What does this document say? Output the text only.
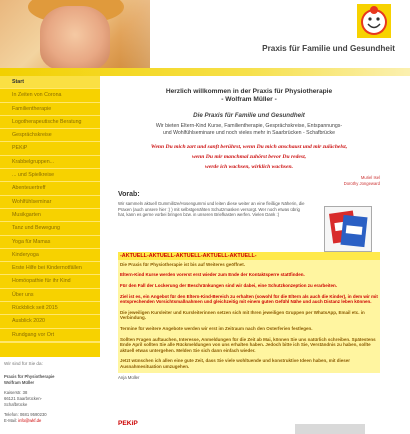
Praxis für Familie und Gesundheit
Start
In Zeiten von Corona
Familientherapie
Logotherapeutische Beratung
Gesprächskreise
PEKiP
Krabbelgruppen...
... und Spielkreise
Abenteuertreff
Wohlfühlseminar
Musikgarten
Tanz und Bewegung
Yoga für Mamas
Kinderyoga
Erste Hilfe bei Kindernotfällen
Homöopathie für ihr Kind
Über uns
Rückblick seit 2015
Ausblick 2020
Rundgang vor Ort
Wir sind für Sie da:
Praxis für Physiotherapie
Wolfram Müller
Kaiserstr. 38
66121 Saarbrücken-
Schafbrücke
Telefon: 0681 9590230
E-Mail: info@wkf.de
Herzlich willkommen in der Praxis für Physiotherapie
- Wolfram Müller -
Die Praxis für Familie und Gesundheit
Wir bieten Eltern-Kind Kurse, Familientherapie, Gesprächskreise, Entspannungs-
und Wohlfühlseminare und noch vieles mehr in Saarbrücken - Schafbrücke
Wenn Du mich zart und sanft berührst, wenn Du mich anschaust und mir zulächelst,
wenn Du mir manchmal zuhörst bevor Du redest,
werde ich wachsen, wirklich wachsen.
Muriel Isel
Dorothy Jongeward
Vorab:
Wir sammeln aktuell Gummilitze/Hosengummi und leiten diese weiter an eine fleißige Näherin, die Praxen (auch unsere hier :) ) mit selbstgenähten Schutzmasken versorgt. Wer noch etwas übrig hat, kann es gerne vorbei bringen bzw. in unseren Briefkasten werfen. Vielen Dank :)
-AKTUELL-AKTUELL-AKTUELL-AKTUELL-AKTUELL-

Die Praxis für Physiotherapie ist bis auf Weiteres geöffnet.

Eltern-Kind Kurse werden vorerst erst wieder zum Ende der Kontaktsperre stattfinden.

Für den Fall der Lockerung der Beschränkungen sind wir dabei, eine Schutzkonzeption zu erarbeiten.

Ziel ist es, ein Angebot für den Eltern-Kind-Bereich zu erhalten (sowohl für die Eltern als auch die Kinder), in dem wir mit entsprechenden Vorsichtsmaßnahmen und gleichzeitig mit einem guten Gefühl Nähe und auch Distanz leben können.

Die jeweiligen Kursleiter und Kursleiterinnen setzen sich mit Ihren jeweiligen Gruppen per WhatsApp, Email etc. in Verbindung.

Termine für weitere Angebote werden wir erst im Zeitraum nach den Osterferien festlegen.

Sollten Fragen auftauchen, Interesse, Anmeldungen für die Zeit ab Mai, können Sie uns natürlich schreiben. Spätestens Ende April sollten Sie alle Rückmeldungen von uns erhalten haben. Jedoch bitte ich Sie, Verständnis zu haben, sollte aktuell etwas untergehen. Melden Sie sich dann einfach wieder.

Jetzt wünschen ich allen eine gute Zeit, dass Sie viele wohltuende und konstruktive Ideen haben, mit dieser Ausnahmesituation umzugehen.

Anja Müller
PEKiP
